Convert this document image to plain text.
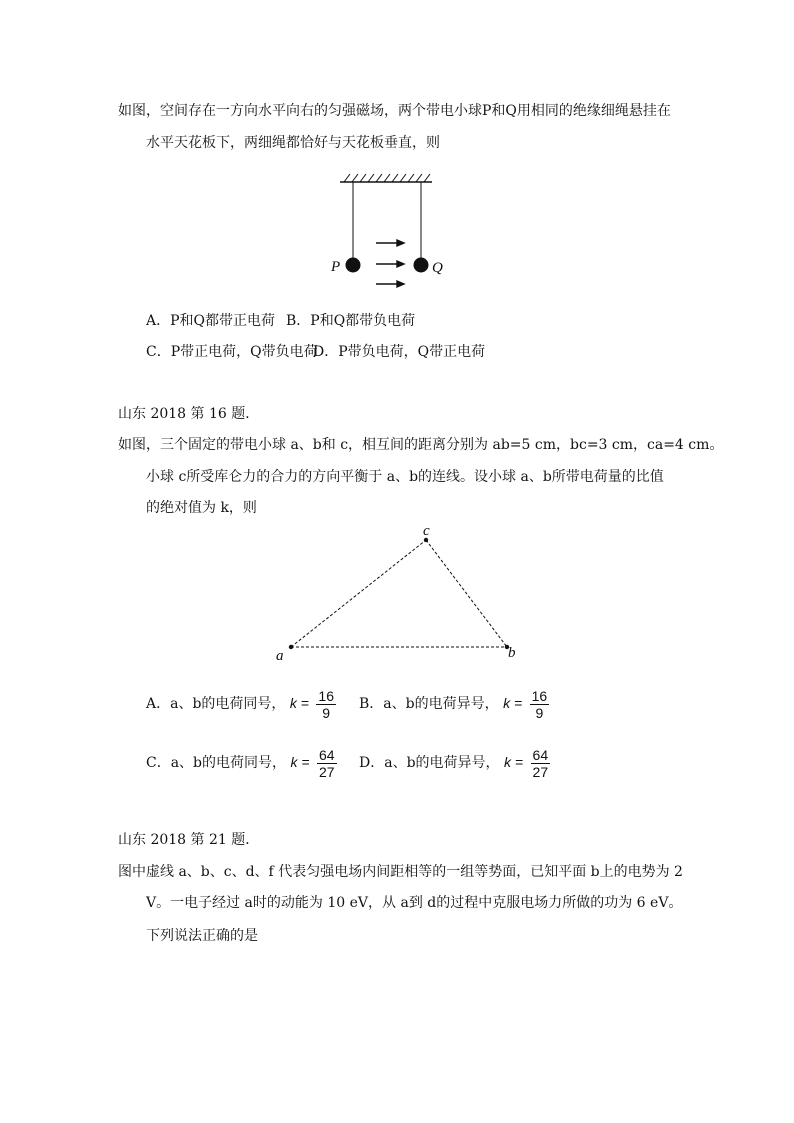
如图，空间存在一方向水平向右的匀强磁场，两个带电小球P和Q用相同的绝缘细绳悬挂在
水平天花板下，两细绳都恰好与天花板垂直，则
P	Q
A．P和Q都带正电荷 B．P和Q都带负电荷
C．P带正电荷，Q带负电荷
D．P带负电荷，Q带正电荷
山东 2018 第 16 题．
如图，三个固定的带电小球 a、b和 c，相互间的距离分别为 ab=5 cm，bc=3 cm，ca=4 cm。
小球 c所受库仑力的合力的方向平衡于 a、b的连线。设小球 a、b所带电荷量的比值
的绝对值为 k，则
a	b
c
A．a、b的电荷同号， $k = \frac{16}{9}$ B．a、b的电荷异号， $k = \frac{16}{9}$
C．a、b的电荷同号， $k = \frac{64}{27}$ D．a、b的电荷异号， $k = \frac{64}{27}$
山东 2018 第 21 题．
图中虚线 a、b、c、d、f 代表匀强电场内间距相等的一组等势面，已知平面 b上的电势为 2
V。一电子经过 a时的动能为 10 eV，从 a到 d的过程中克服电场力所做的功为 6 eV。
下列说法正确的是
